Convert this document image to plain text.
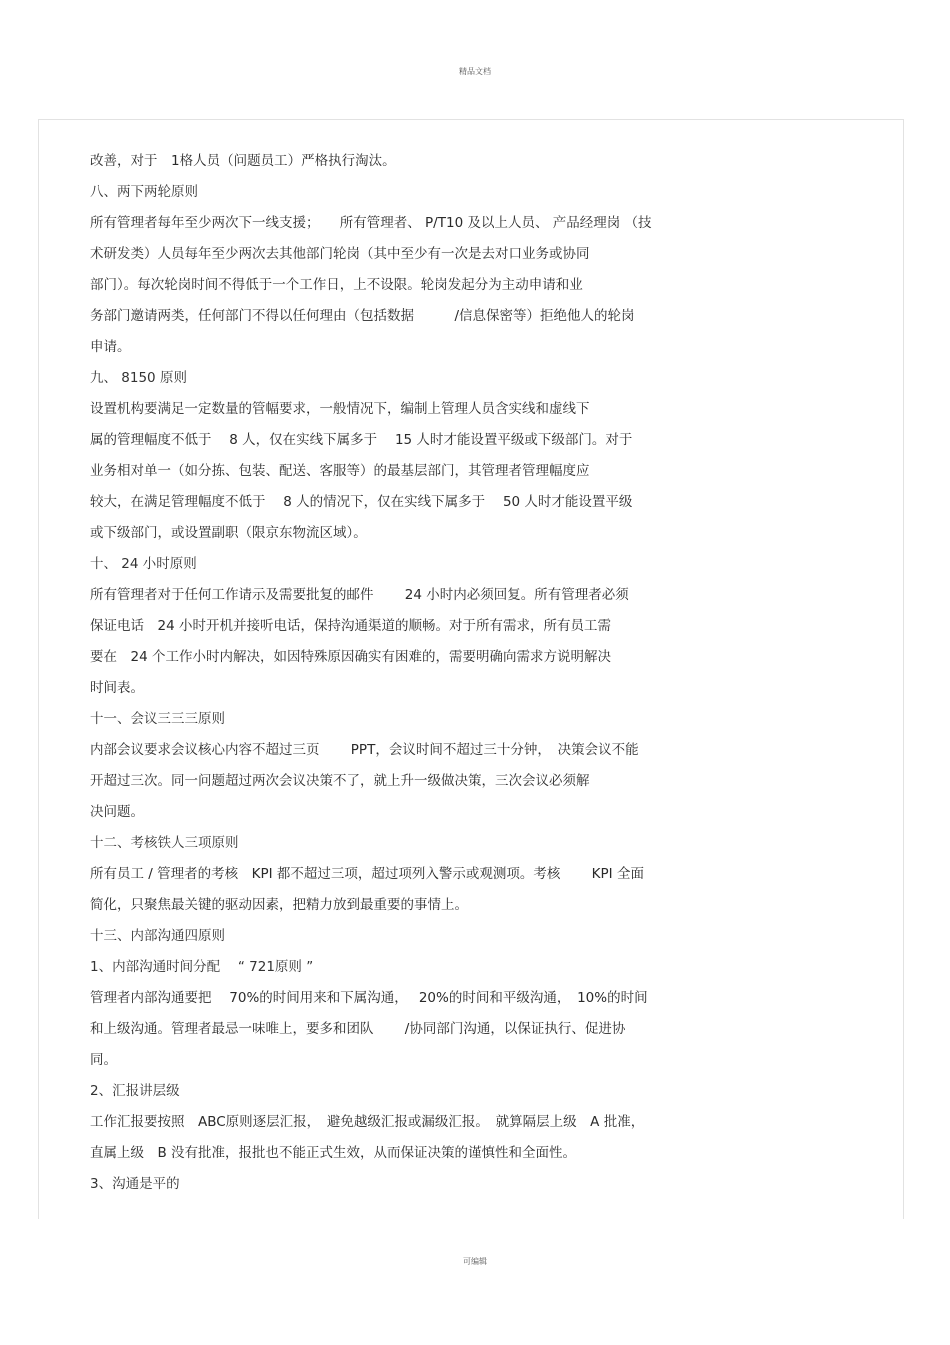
精品文档
改善，对于　1格人员（问题员工）严格执行淘汰。
八、两下两轮原则
所有管理者每年至少两次下一线支援；　　所有管理者、 P/T10 及以上人员、 产品经理岗 （技
术研发类）人员每年至少两次去其他部门轮岗（其中至少有一次是去对口业务或协同
部门）。每次轮岗时间不得低于一个工作日，上不设限。轮岗发起分为主动申请和业
务部门邀请两类，任何部门不得以任何理由（包括数据　　　/信息保密等）拒绝他人的轮岗
申请。
九、 8150 原则
设置机构要满足一定数量的管幅要求，一般情况下，编制上管理人员含实线和虚线下
属的管理幅度不低于　 8 人，仅在实线下属多于　 15 人时才能设置平级或下级部门。对于
业务相对单一（如分拣、包装、配送、客服等）的最基层部门，其管理者管理幅度应
较大，在满足管理幅度不低于　 8 人的情况下，仅在实线下属多于　 50 人时才能设置平级
或下级部门，或设置副职（限京东物流区域）。
十、 24 小时原则
所有管理者对于任何工作请示及需要批复的邮件　　 24 小时内必须回复。所有管理者必须
保证电话　24 小时开机并接听电话，保持沟通渠道的顺畅。对于所有需求，所有员工需
要在　24 个工作小时内解决，如因特殊原因确实有困难的，需要明确向需求方说明解决
时间表。
十一、会议三三三原则
内部会议要求会议核心内容不超过三页　　 PPT，会议时间不超过三十分钟，　决策会议不能
开超过三次。同一问题超过两次会议决策不了，就上升一级做决策，三次会议必须解
决问题。
十二、考核铁人三项原则
所有员工 / 管理者的考核　KPI 都不超过三项，超过项列入警示或观测项。考核　　 KPI 全面
简化，只聚焦最关键的驱动因素，把精力放到最重要的事情上。
十三、内部沟通四原则
1、内部沟通时间分配　 “ 721原则 ”
管理者内部沟通要把　 70%的时间用来和下属沟通，　 20%的时间和平级沟通，　10%的时间
和上级沟通。管理者最忌一味唯上，要多和团队　　 /协同部门沟通，以保证执行、促进协
同。
2、汇报讲层级
工作汇报要按照　ABC原则逐层汇报，　避免越级汇报或漏级汇报。　就算隔层上级　A 批准，
直属上级　B 没有批准，报批也不能正式生效，从而保证决策的谨慎性和全面性。
3、沟通是平的
可编辑
